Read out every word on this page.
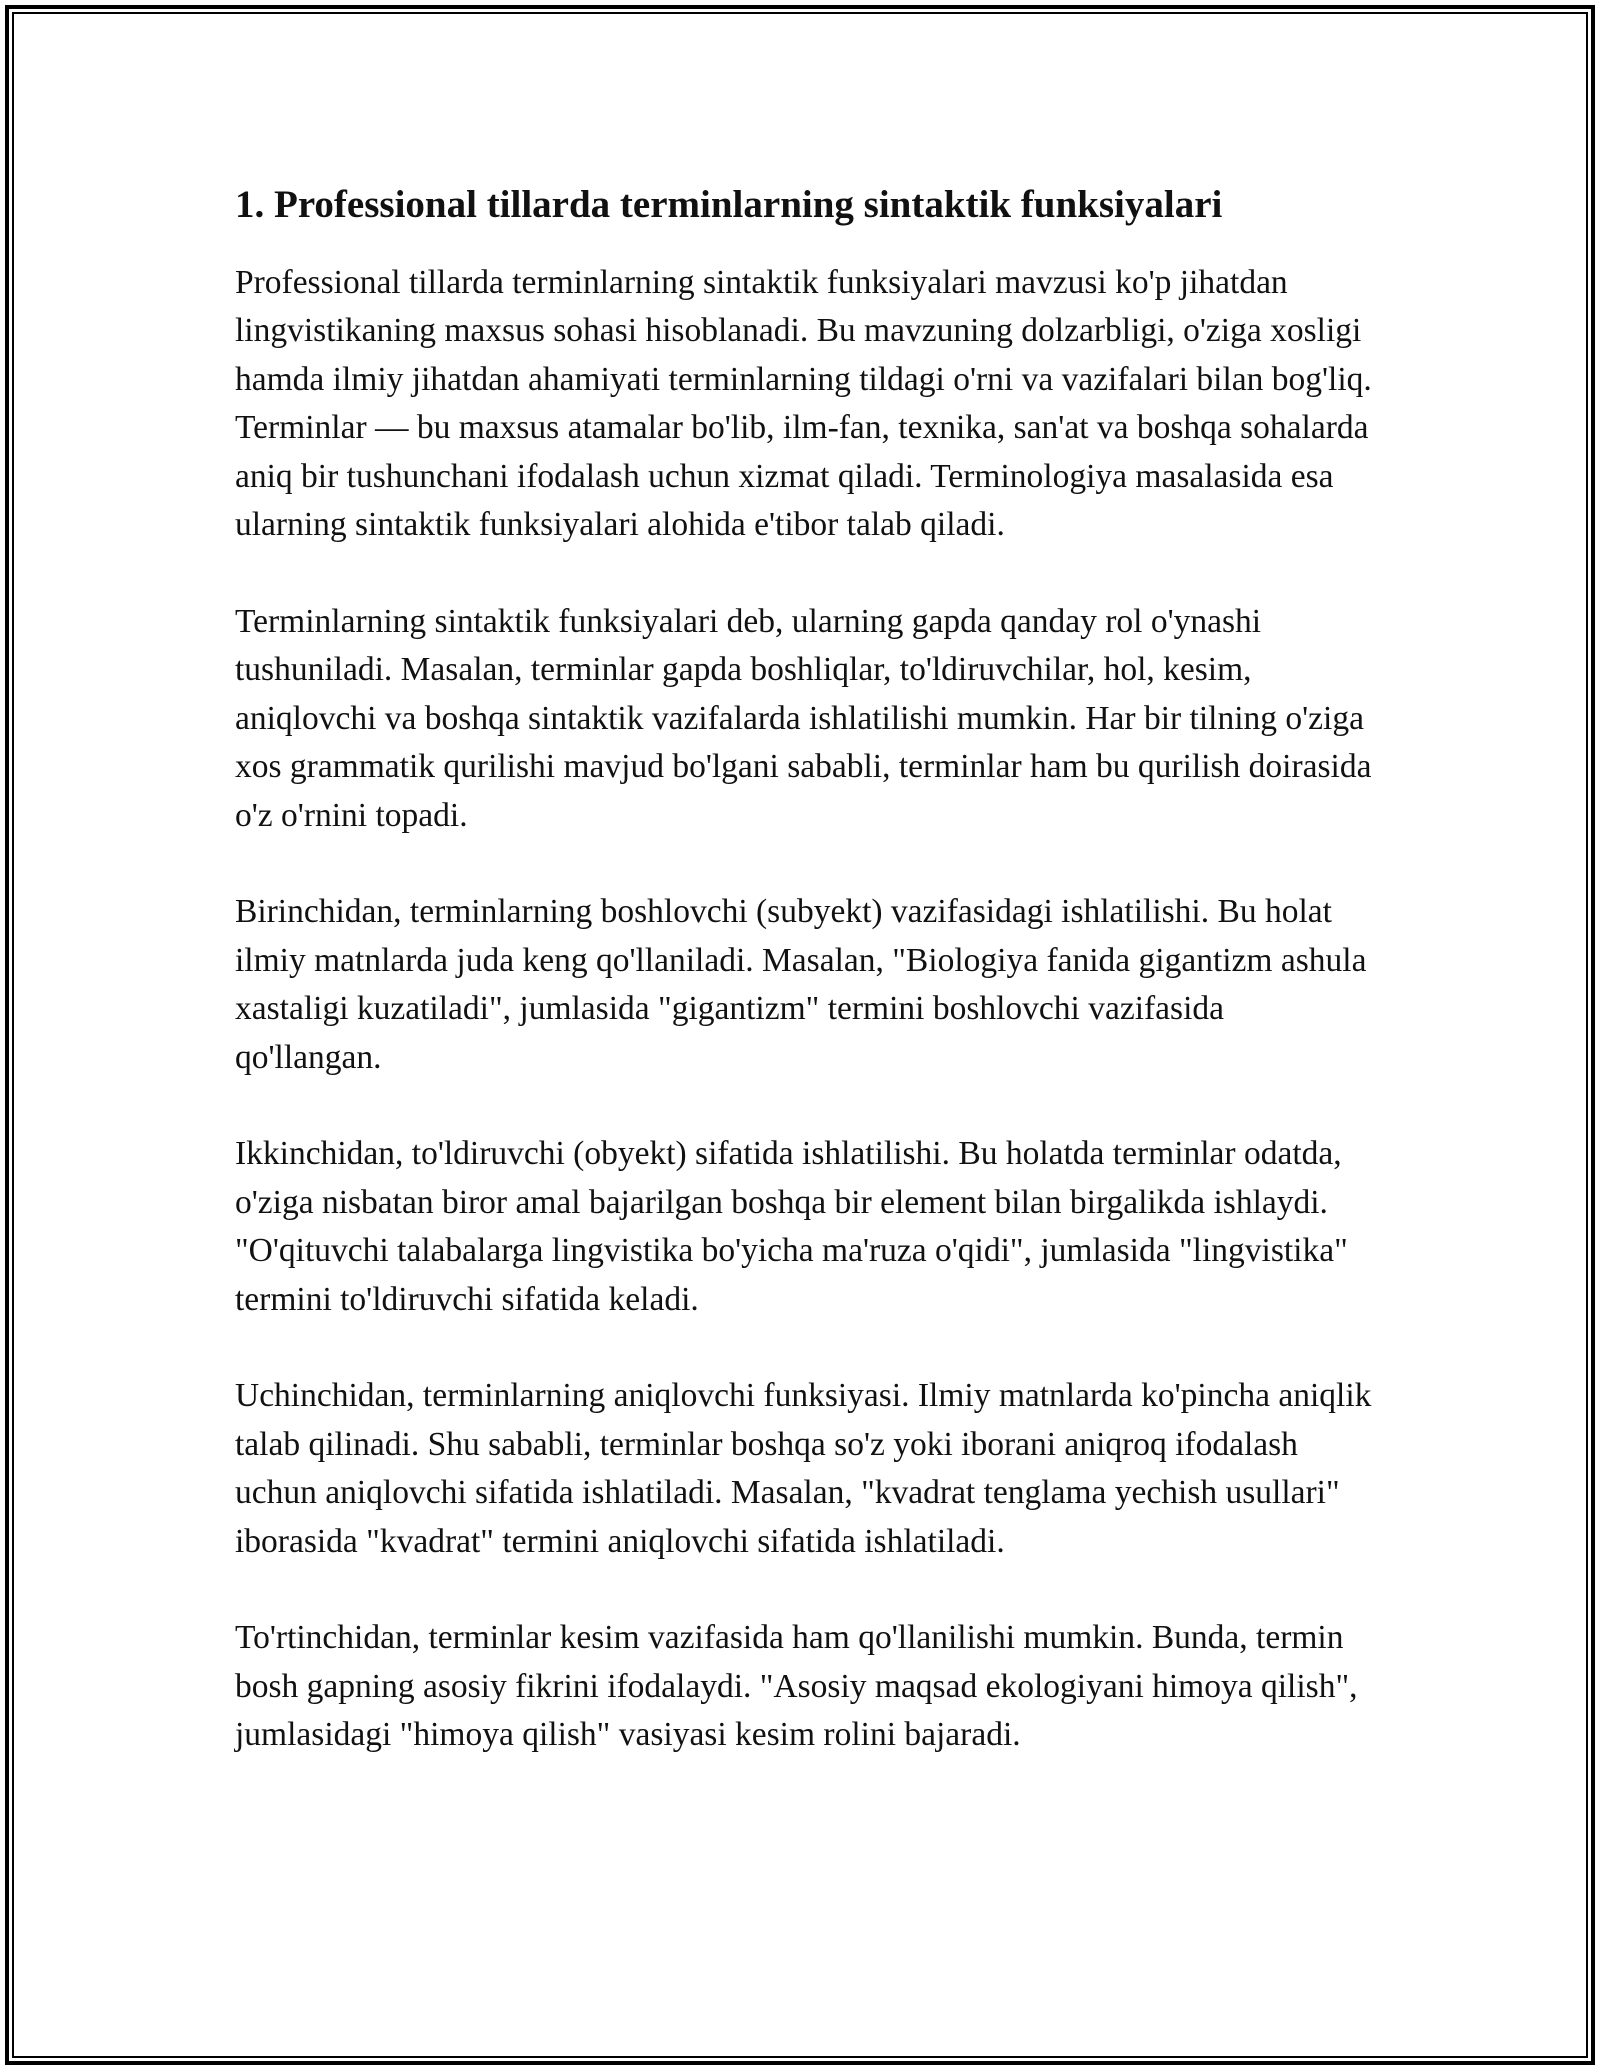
1. Professional tillarda terminlarning sintaktik funksiyalari

Professional tillarda terminlarning sintaktik funksiyalari mavzusi ko'p jihatdan lingvistikaning maxsus sohasi hisoblanadi. Bu mavzuning dolzarbligi, o'ziga xosligi hamda ilmiy jihatdan ahamiyati terminlarning tildagi o'rni va vazifalari bilan bog'liq. Terminlar — bu maxsus atamalar bo'lib, ilm-fan, texnika, san'at va boshqa sohalarda aniq bir tushunchani ifodalash uchun xizmat qiladi. Terminologiya masalasida esa ularning sintaktik funksiyalari alohida e'tibor talab qiladi.

Terminlarning sintaktik funksiyalari deb, ularning gapda qanday rol o'ynashi tushuniladi. Masalan, terminlar gapda boshliqlar, to'ldiruvchilar, hol, kesim, aniqlovchi va boshqa sintaktik vazifalarda ishlatilishi mumkin. Har bir tilning o'ziga xos grammatik qurilishi mavjud bo'lgani sababli, terminlar ham bu qurilish doirasida o'z o'rnini topadi.

Birinchidan, terminlarning boshlovchi (subyekt) vazifasidagi ishlatilishi. Bu holat ilmiy matnlarda juda keng qo'llaniladi. Masalan, "Biologiya fanida gigantizm ashula xastaligi kuzatiladi", jumlasida "gigantizm" termini boshlovchi vazifasida qo'llangan.

Ikkinchidan, to'ldiruvchi (obyekt) sifatida ishlatilishi. Bu holatda terminlar odatda, o'ziga nisbatan biror amal bajarilgan boshqa bir element bilan birgalikda ishlaydi. "O'qituvchi talabalarga lingvistika bo'yicha ma'ruza o'qidi", jumlasida "lingvistika" termini to'ldiruvchi sifatida keladi.

Uchinchidan, terminlarning aniqlovchi funksiyasi. Ilmiy matnlarda ko'pincha aniqlik talab qilinadi. Shu sababli, terminlar boshqa so'z yoki iborani aniqroq ifodalash uchun aniqlovchi sifatida ishlatiladi. Masalan, "kvadrat tenglama yechish usullari" iborasida "kvadrat" termini aniqlovchi sifatida ishlatiladi.

To'rtinchidan, terminlar kesim vazifasida ham qo'llanilishi mumkin. Bunda, termin bosh gapning asosiy fikrini ifodalaydi. "Asosiy maqsad ekologiyani himoya qilish", jumlasidagi "himoya qilish" vasiyasi kesim rolini bajaradi.
